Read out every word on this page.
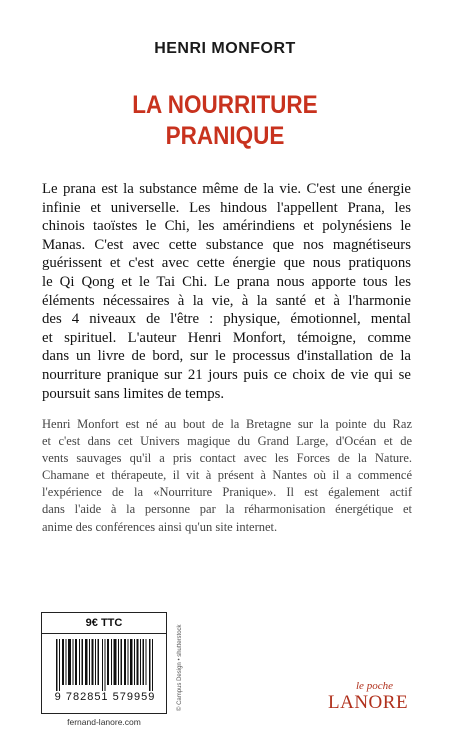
HENRI MONFORT
LA NOURRITURE
PRANIQUE
Le prana est la substance même de la vie. C'est une énergie
infinie et universelle. Les hindous l'appellent Prana, les
chinois taoïstes le Chi, les amérindiens et polynésiens le
Manas. C'est avec cette substance que nos magnétiseurs
guérissent et c'est avec cette énergie que nous pratiquons
le Qi Qong et le Tai Chi. Le prana nous apporte tous les
éléments nécessaires à la vie, à la santé et à l'harmonie
des 4 niveaux de l'être : physique, émotionnel, mental
et spirituel. L'auteur Henri Monfort, témoigne, comme
dans un livre de bord, sur le processus d'installation de la
nourriture pranique sur 21 jours puis ce choix de vie qui se
poursuit sans limites de temps.
Henri Monfort est né au bout de la Bretagne sur la pointe du Raz
et c'est dans cet Univers magique du Grand Large, d'Océan et de
vents sauvages qu'il a pris contact avec les Forces de la Nature.
Chamane et thérapeute, il vit à présent à Nantes où il a commencé
l'expérience de la «Nourriture Pranique». Il est également actif
dans l'aide à la personne par la réharmonisation énergétique et
anime des conférences ainsi qu'un site internet.
9€ TTC
9 782851 579959
fernand-lanore.com
© Campus Design • shutterstock	le poche
LANORE
